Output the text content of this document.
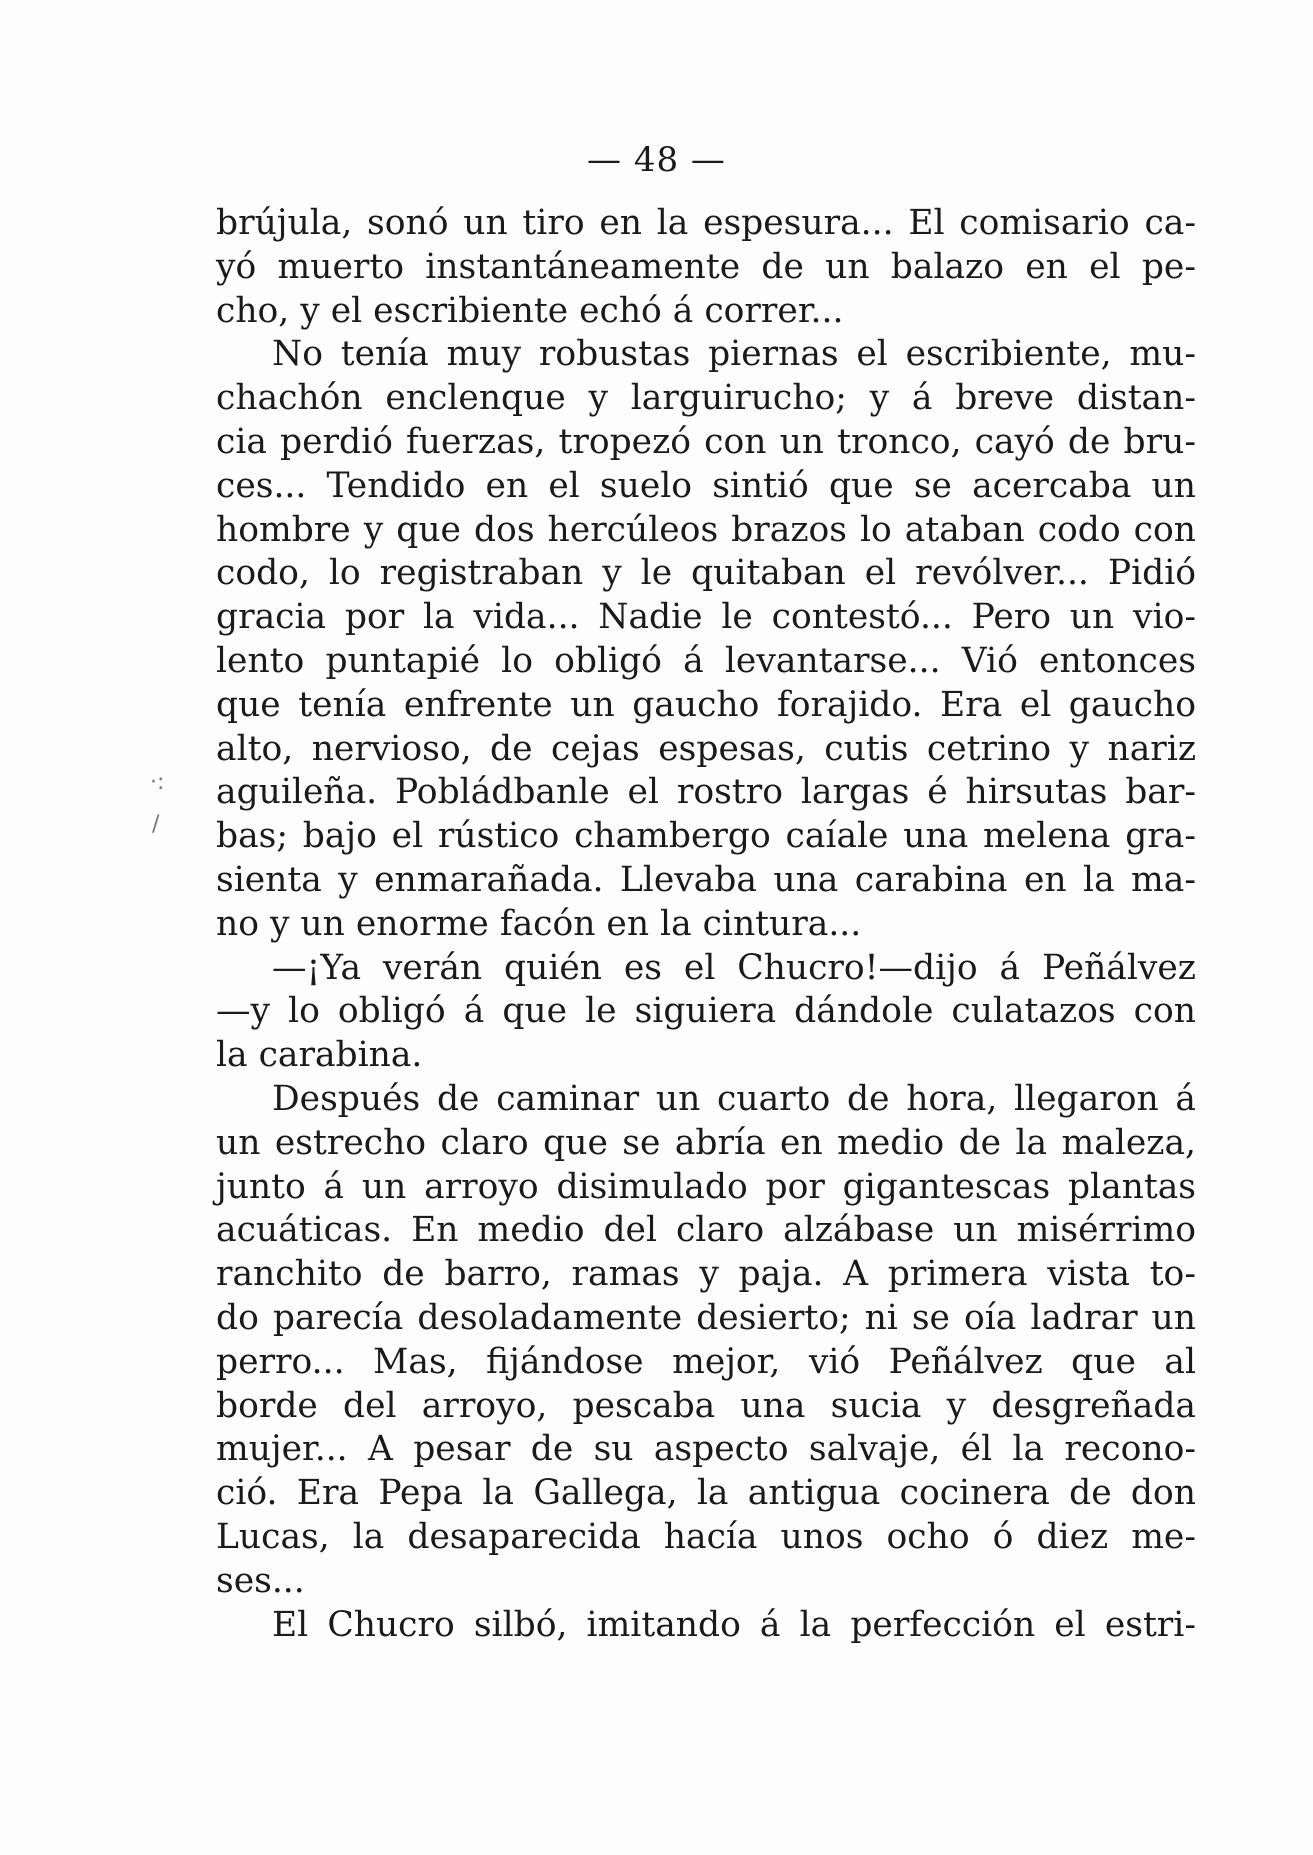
— 48 —
brújula, sonó un tiro en la espesura... El comisario ca-
yó muerto instantáneamente de un balazo en el pe-
cho, y el escribiente echó á correr...
No tenía muy robustas piernas el escribiente, mu-
chachón enclenque y larguirucho; y á breve distan-
cia perdió fuerzas, tropezó con un tronco, cayó de bru-
ces... Tendido en el suelo sintió que se acercaba un
hombre y que dos hercúleos brazos lo ataban codo con
codo, lo registraban y le quitaban el revólver... Pidió
gracia por la vida... Nadie le contestó... Pero un vio-
lento puntapié lo obligó á levantarse... Vió entonces
que tenía enfrente un gaucho forajido. Era el gaucho
alto, nervioso, de cejas espesas, cutis cetrino y nariz
aguileña. Pobládbanle el rostro largas é hirsutas bar-
bas; bajo el rústico chambergo caíale una melena gra-
sienta y enmarañada. Llevaba una carabina en la ma-
no y un enorme facón en la cintura...
—¡Ya verán quién es el Chucro!—dijo á Peñálvez
—y lo obligó á que le siguiera dándole culatazos con
la carabina.
Después de caminar un cuarto de hora, llegaron á
un estrecho claro que se abría en medio de la maleza,
junto á un arroyo disimulado por gigantescas plantas
acuáticas. En medio del claro alzábase un misérrimo
ranchito de barro, ramas y paja. A primera vista to-
do parecía desoladamente desierto; ni se oía ladrar un
perro... Mas, fijándose mejor, vió Peñálvez que al
borde del arroyo, pescaba una sucia y desgreñada
mujer... A pesar de su aspecto salvaje, él la recono-
ció. Era Pepa la Gallega, la antigua cocinera de don
Lucas, la desaparecida hacía unos ocho ó diez me-
ses...
El Chucro silbó, imitando á la perfección el estri-
·:
/
